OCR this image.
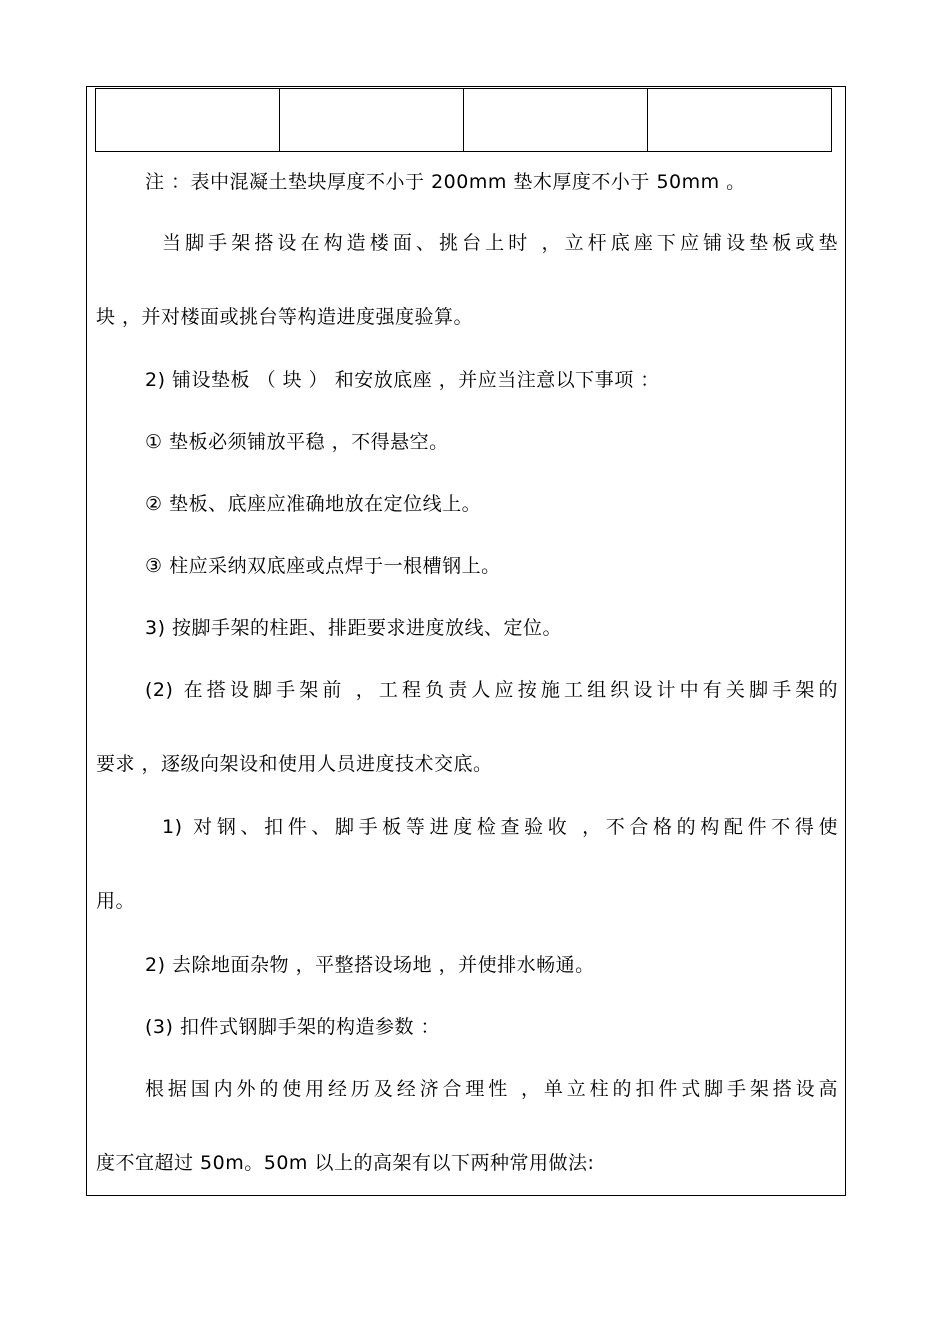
注 ：表中混凝土垫块厚度不小于 200mm 垫木厚度不小于 50mm 。
当脚手架搭设在构造楼面、挑台上时 ，立杆底座下应铺设垫板或垫
块 ，并对楼面或挑台等构造进度强度验算。
2) 铺设垫板 （ 块 ） 和安放底座 ，并应当注意以下事项 ：
① 垫板必须铺放平稳 ，不得悬空。
② 垫板、底座应准确地放在定位线上。
③ 柱应采纳双底座或点焊于一根槽钢上。
3) 按脚手架的柱距、排距要求进度放线、定位。
(2) 在搭设脚手架前 ，工程负责人应按施工组织设计中有关脚手架的
要求 ，逐级向架设和使用人员进度技术交底。
1) 对钢、扣件、脚手板等进度检查验收 ，不合格的构配件不得使
用。
2) 去除地面杂物 ，平整搭设场地 ，并使排水畅通。
(3) 扣件式钢脚手架的构造参数 ：
根据国内外的使用经历及经济合理性 ，单立柱的扣件式脚手架搭设高
度不宜超过 50m。50m 以上的高架有以下两种常用做法:
